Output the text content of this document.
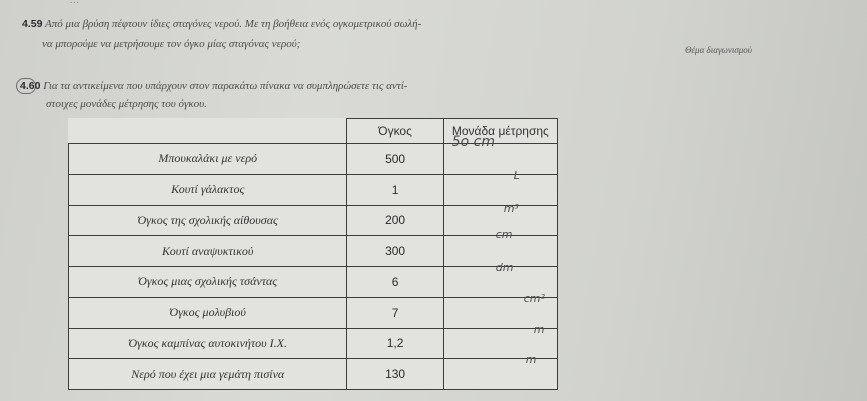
...
4.59 Από μια βρύση πέφτουν ίδιες σταγόνες νερού. Με τη βοήθεια ενός ογκομετρικού σωλή-
να μπορούμε να μετρήσουμε τον όγκο μίας σταγόνας νερού;	Θέμα διαγωνισμού
4.60 Για τα αντικείμενα που υπάρχουν στον παρακάτω πίνακα να συμπληρώσετε τις αντί-
στοιχες μονάδες μέτρησης του όγκου.
	Όγκος	Μονάδα μέτρησης
Μπουκαλάκι με νερό	500	5o cm

Κουτί γάλακτος	1	L

Όγκος της σχολικής αίθουσας	200	m³

Κουτί αναψυκτικού	300	cm

Όγκος μιας σχολικής τσάντας	6	dm

Όγκος μολυβιού	7	cm²

Όγκος καμπίνας αυτοκινήτου Ι.Χ.	1,2	m

Νερό που έχει μια γεμάτη πισίνα	130	m
